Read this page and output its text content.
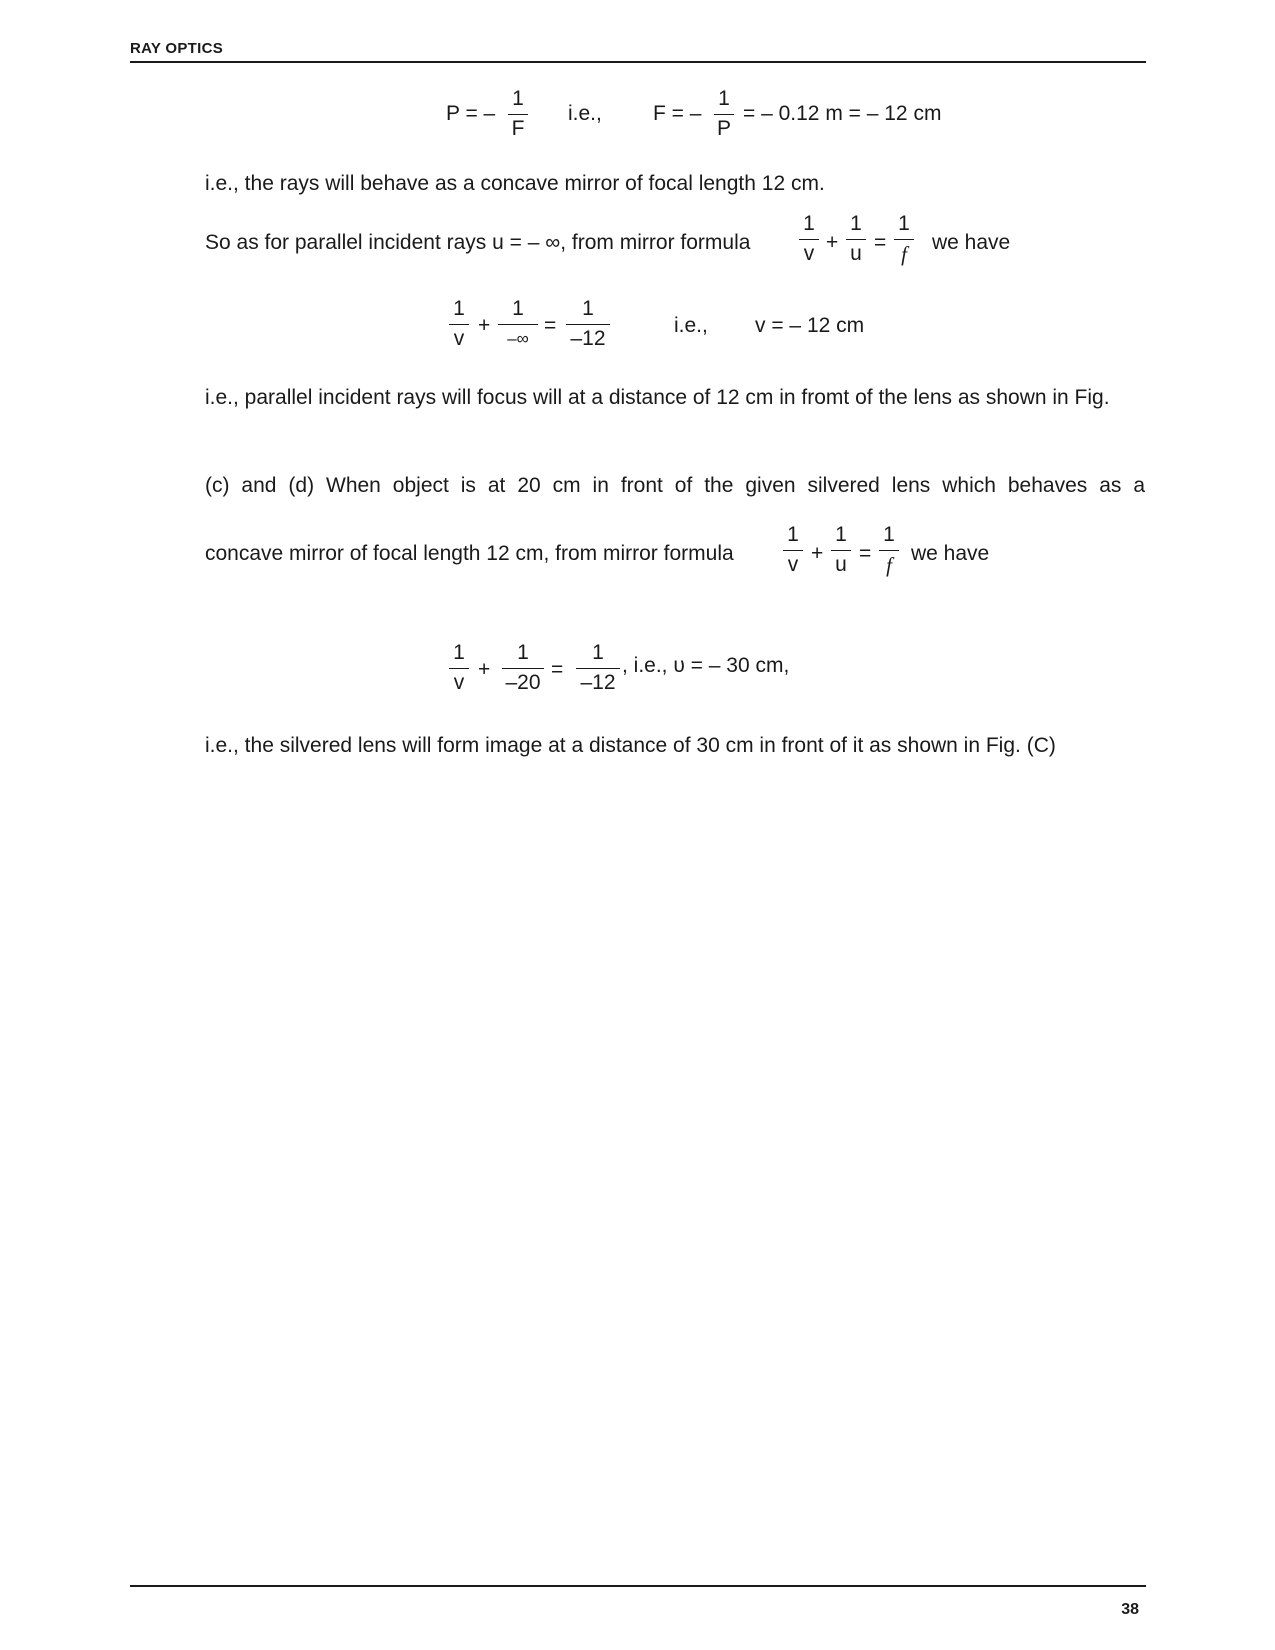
RAY OPTICS
P = –
1
F
i.e., F = –
1
P
= – 0.12 m = – 12 cm
i.e., the rays will behave as a concave mirror of focal length 12 cm.
So as for parallel incident rays u = – ∞, from mirror formula
1
v +
1
u =
1
f	we have
1
v
+
1
–∞
=
1
–12
i.e., v = – 12 cm
i.e., parallel incident rays will focus will at a distance of 12 cm in fromt of the lens as shown in Fig.
(c) and (d) When object is at 20 cm in front of the given silvered lens which behaves as a
concave mirror of focal length 12 cm, from mirror formula
1
v +
1
u =
1
f we have
1
v
+
1
–20
=
1
–12
, i.e., υ = – 30 cm,
i.e., the silvered lens will form image at a distance of 30 cm in front of it as shown in Fig. (C)
38
